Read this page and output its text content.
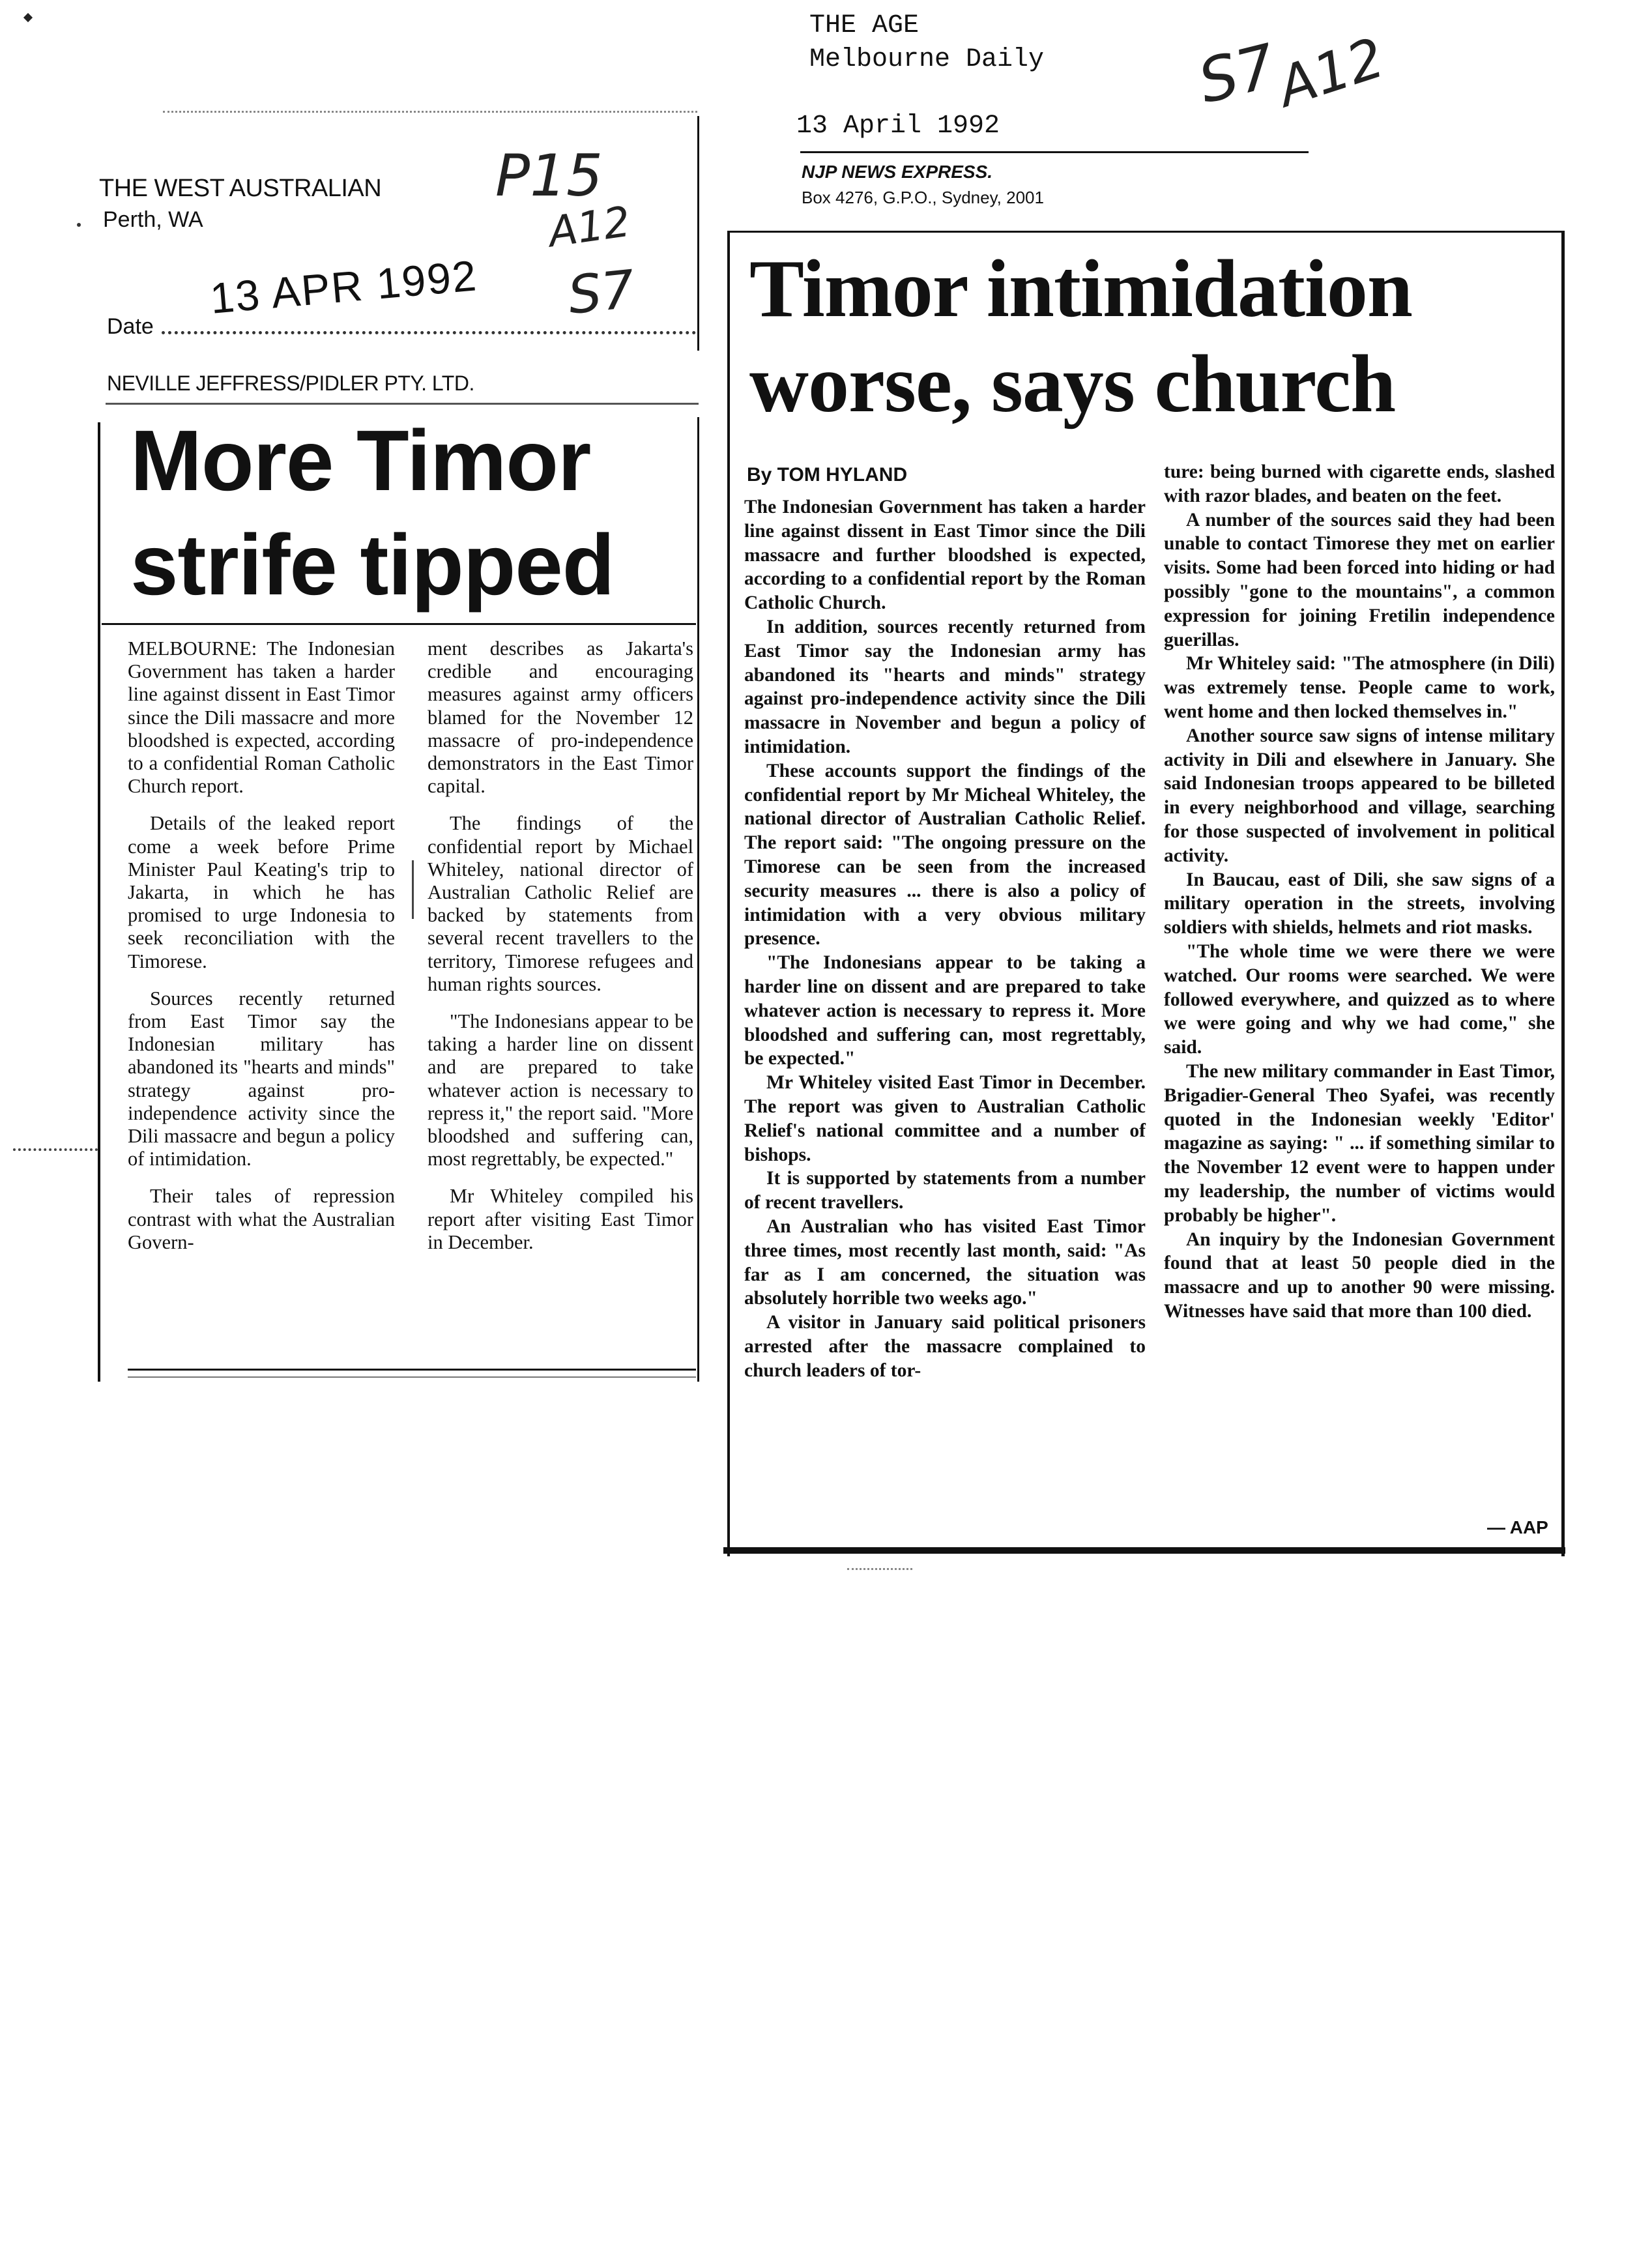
THE AGE
Melbourne Daily
13 April 1992
NJP NEWS EXPRESS.
Box 4276, G.P.O., Sydney, 2001
S7
A12
THE WEST AUSTRALIAN
Perth, WA
Date
13 APR 1992
P15
A12
S7
NEVILLE JEFFRESS/PIDLER PTY. LTD.
More Timor
strife tipped

MELBOURNE: The Indonesian Government has taken a harder line against dissent in East Timor since the Dili massacre and more bloodshed is expected, according to a confidential Roman Catholic Church report.

Details of the leaked report come a week before Prime Minister Paul Keating's trip to Jakarta, in which he has promised to urge Indonesia to seek reconciliation with the Timorese.

Sources recently returned from East Timor say the Indonesian military has abandoned its "hearts and minds" strategy against pro-independence activity since the Dili massacre and begun a policy of intimidation.

Their tales of repression contrast with what the Australian Govern-

ment describes as Jakarta's credible and encouraging measures against army officers blamed for the November 12 massacre of pro-independence demonstrators in the East Timor capital.

The findings of the confidential report by Michael Whiteley, national director of Australian Catholic Relief are backed by statements from several recent travellers to the territory, Timorese refugees and human rights sources.

"The Indonesians appear to be taking a harder line on dissent and are prepared to take whatever action is necessary to repress it," the report said. "More bloodshed and suffering can, most regrettably, be expected."

Mr Whiteley compiled his report after visiting East Timor in December.

Timor intimidation
worse, says church
By TOM HYLAND

The Indonesian Government has taken a harder line against dissent in East Timor since the Dili massacre and further bloodshed is expected, according to a confidential report by the Roman Catholic Church.

In addition, sources recently returned from East Timor say the Indonesian army has abandoned its "hearts and minds" strategy against pro-independence activity since the Dili massacre in November and begun a policy of intimidation.

These accounts support the findings of the confidential report by Mr Micheal Whiteley, the national director of Australian Catholic Relief. The report said: "The ongoing pressure on the Timorese can be seen from the increased security measures ... there is also a policy of intimidation with a very obvious military presence.

"The Indonesians appear to be taking a harder line on dissent and are prepared to take whatever action is necessary to repress it. More bloodshed and suffering can, most regrettably, be expected."

Mr Whiteley visited East Timor in December. The report was given to Australian Catholic Relief's national committee and a number of bishops.

It is supported by statements from a number of recent travellers.

An Australian who has visited East Timor three times, most recently last month, said: "As far as I am concerned, the situation was absolutely horrible two weeks ago."

A visitor in January said political prisoners arrested after the massacre complained to church leaders of tor-

ture: being burned with cigarette ends, slashed with razor blades, and beaten on the feet.

A number of the sources said they had been unable to contact Timorese they met on earlier visits. Some had been forced into hiding or had possibly "gone to the mountains", a common expression for joining Fretilin independence guerillas.

Mr Whiteley said: "The atmosphere (in Dili) was extremely tense. People came to work, went home and then locked themselves in."

Another source saw signs of intense military activity in Dili and elsewhere in January. She said Indonesian troops appeared to be billeted in every neighborhood and village, searching for those suspected of involvement in political activity.

In Baucau, east of Dili, she saw signs of a military operation in the streets, involving soldiers with shields, helmets and riot masks.

"The whole time we were there we were watched. Our rooms were searched. We were followed everywhere, and quizzed as to where we were going and why we had come," she said.

The new military commander in East Timor, Brigadier-General Theo Syafei, was recently quoted in the Indonesian weekly 'Editor' magazine as saying: " ... if something similar to the November 12 event were to happen under my leadership, the number of victims would probably be higher".

An inquiry by the Indonesian Government found that at least 50 people died in the massacre and up to another 90 were missing. Witnesses have said that more than 100 died.

— AAP
